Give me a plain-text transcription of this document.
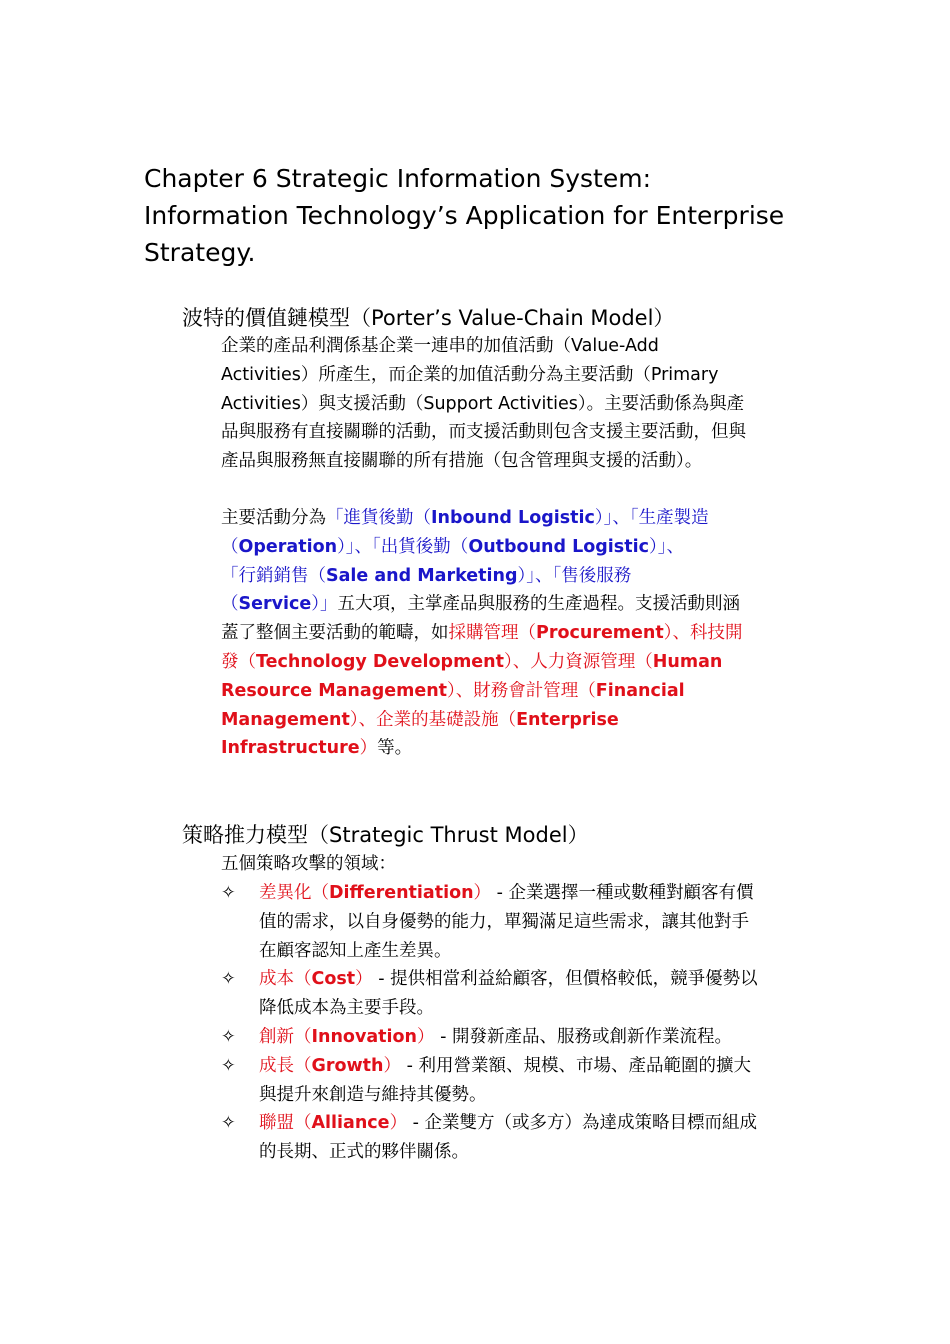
Chapter 6 Strategic Information System:
Information Technology’s Application for Enterprise
Strategy.
波特的價值鏈模型（Porter’s Value-Chain Model）
企業的產品利潤係基企業一連串的加值活動（Value-Add
Activities）所產生，而企業的加值活動分為主要活動（Primary
Activities）與支援活動（Support Activities）。主要活動係為與產
品與服務有直接關聯的活動，而支援活動則包含支援主要活動，但與
產品與服務無直接關聯的所有措施（包含管理與支援的活動）。
主要活動分為「進貨後勤（Inbound Logistic）」、「生產製造
（Operation）」、「出貨後勤（Outbound Logistic）」、
「行銷銷售（Sale and Marketing）」、「售後服務
（Service）」五大項，主掌產品與服務的生產過程。支援活動則涵
蓋了整個主要活動的範疇，如採購管理（Procurement）、科技開
發（Technology Development）、人力資源管理（Human
Resource Management）、財務會計管理（Financial
Management）、企業的基礎設施（Enterprise
Infrastructure）等。
策略推力模型（Strategic Thrust Model）
五個策略攻擊的領域：
✧ 差異化（Differentiation） - 企業選擇一種或數種對顧客有價
值的需求，以自身優勢的能力，單獨滿足這些需求，讓其他對手
在顧客認知上產生差異。
✧ 成本（Cost） - 提供相當利益給顧客，但價格較低，競爭優勢以
降低成本為主要手段。
✧ 創新（Innovation） - 開發新產品、服務或創新作業流程。
✧ 成長（Growth） - 利用營業額、規模、市場、產品範圍的擴大
與提升來創造与維持其優勢。
✧ 聯盟（Alliance） - 企業雙方（或多方）為達成策略目標而組成
的長期、正式的夥伴關係。
